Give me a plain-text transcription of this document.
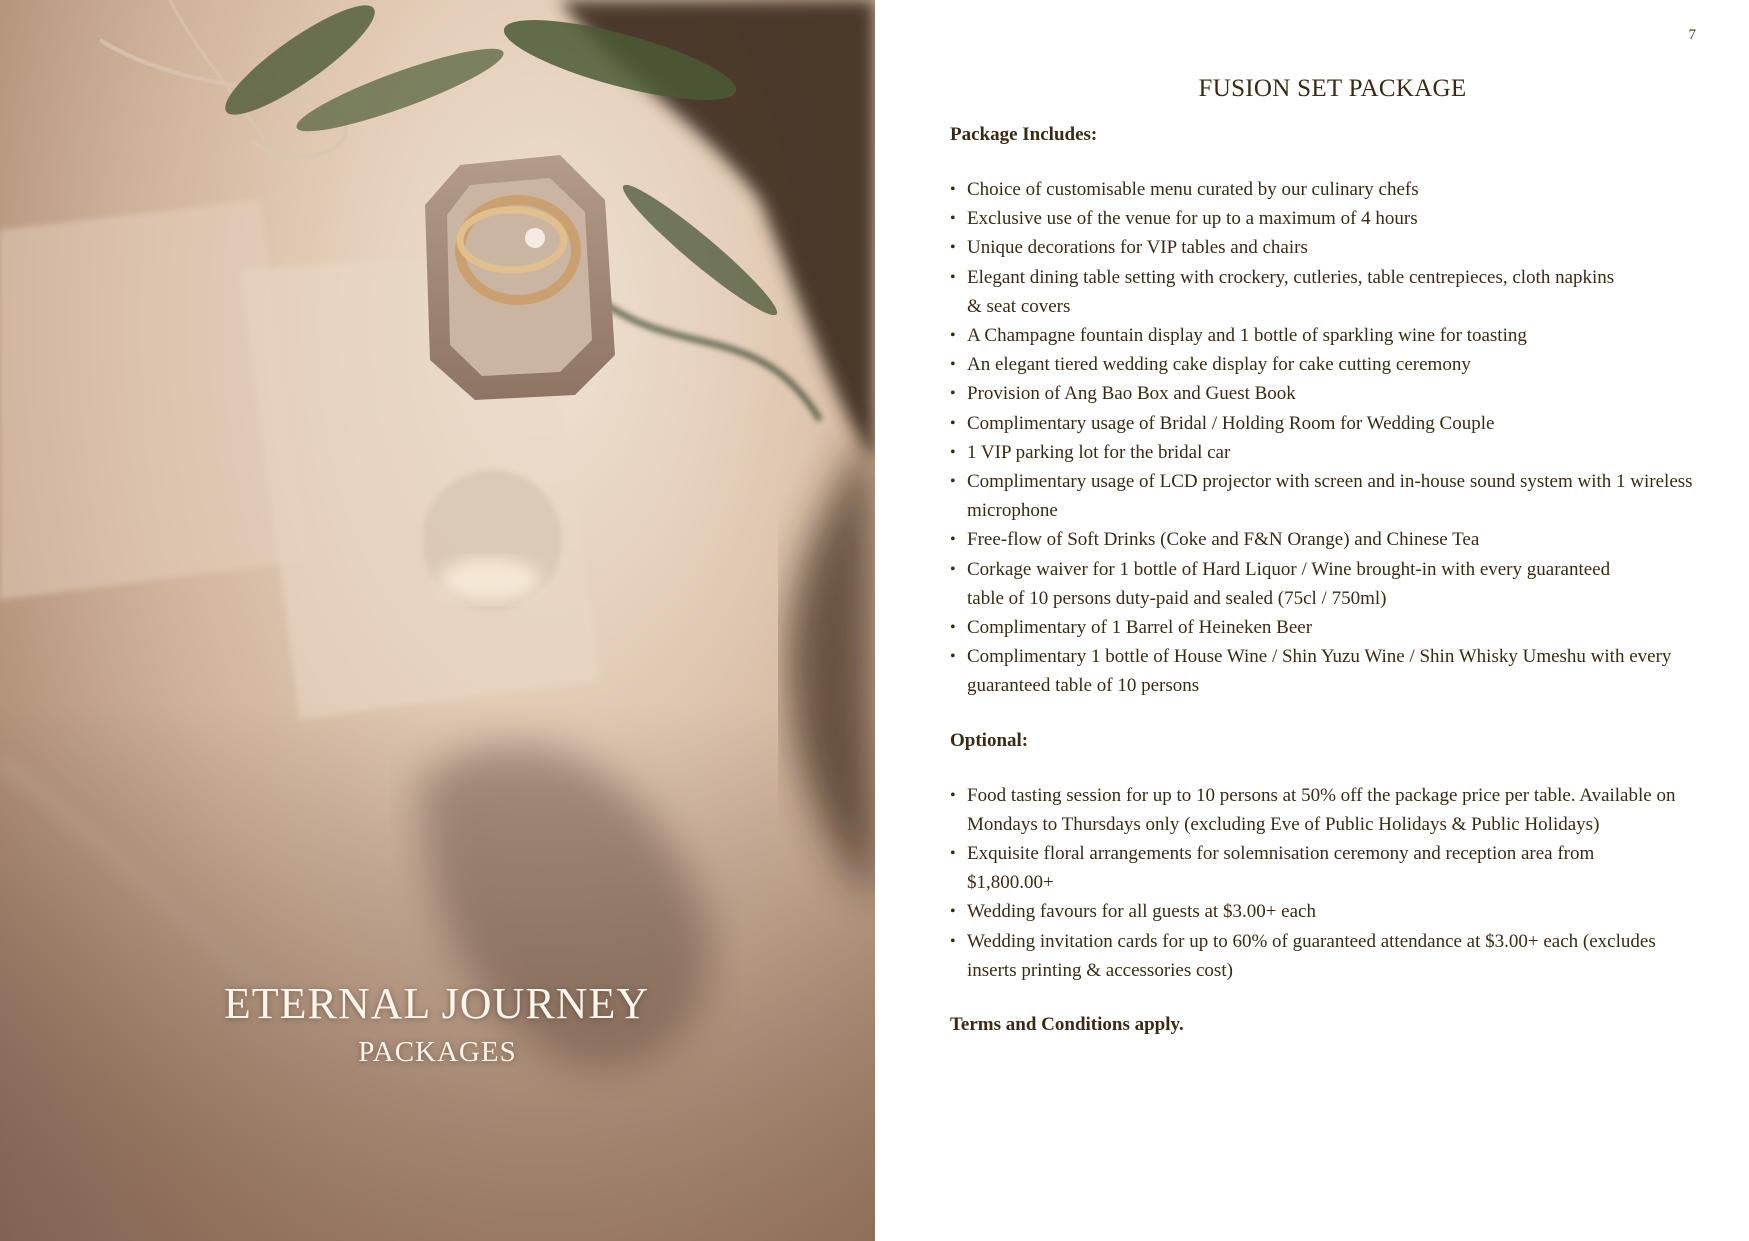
ETERNAL JOURNEY
PACKAGES
7
FUSION SET PACKAGE

Package Includes:

• Choice of customisable menu curated by our culinary chefs
• Exclusive use of the venue for up to a maximum of 4 hours
• Unique decorations for VIP tables and chairs
• Elegant dining table setting with crockery, cutleries, table centrepieces, cloth napkins & seat covers
• A Champagne fountain display and 1 bottle of sparkling wine for toasting
• An elegant tiered wedding cake display for cake cutting ceremony
• Provision of Ang Bao Box and Guest Book
• Complimentary usage of Bridal / Holding Room for Wedding Couple
• 1 VIP parking lot for the bridal car
• Complimentary usage of LCD projector with screen and in-house sound system with 1 wireless microphone
• Free-flow of Soft Drinks (Coke and F&N Orange) and Chinese Tea
• Corkage waiver for 1 bottle of Hard Liquor / Wine brought-in with every guaranteed table of 10 persons duty-paid and sealed (75cl / 750ml)
• Complimentary of 1 Barrel of Heineken Beer
• Complimentary 1 bottle of House Wine / Shin Yuzu Wine / Shin Whisky Umeshu with every guaranteed table of 10 persons

Optional:

• Food tasting session for up to 10 persons at 50% off the package price per table. Available on Mondays to Thursdays only (excluding Eve of Public Holidays & Public Holidays)
• Exquisite floral arrangements for solemnisation ceremony and reception area from $1,800.00+
• Wedding favours for all guests at $3.00+ each
• Wedding invitation cards for up to 60% of guaranteed attendance at $3.00+ each (excludes inserts printing & accessories cost)

Terms and Conditions apply.
